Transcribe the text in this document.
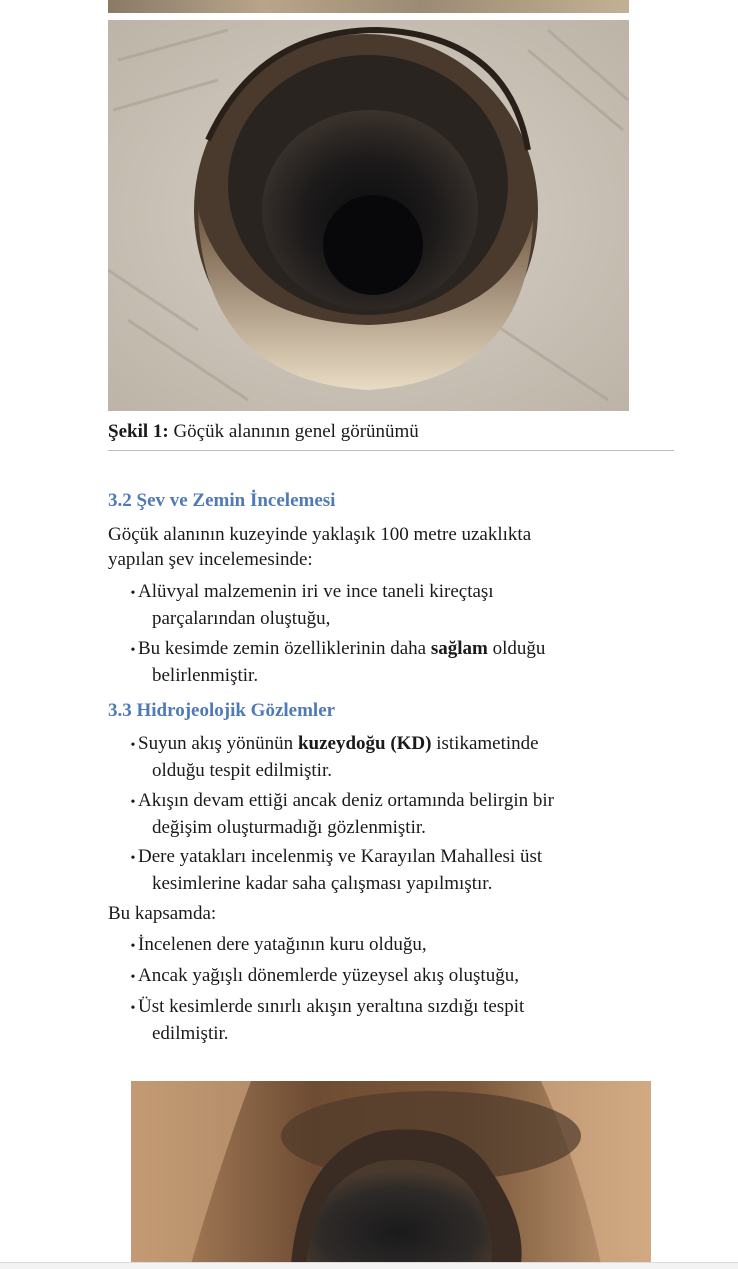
Şekil 1: Göçük alanının genel görünümü
3.2 Şev ve Zemin İncelemesi
Göçük alanının kuzeyinde yaklaşık 100 metre uzaklıkta
yapılan şev incelemesinde:
• Alüvyal malzemenin iri ve ince taneli kireçtaşı
parçalarından oluştuğu,
• Bu kesimde zemin özelliklerinin daha sağlam olduğu
belirlenmiştir.
3.3 Hidrojeolojik Gözlemler
• Suyun akış yönünün kuzeydoğu (KD) istikametinde
olduğu tespit edilmiştir.
• Akışın devam ettiği ancak deniz ortamında belirgin bir
değişim oluşturmadığı gözlenmiştir.
• Dere yatakları incelenmiş ve Karayılan Mahallesi üst
kesimlerine kadar saha çalışması yapılmıştır.
Bu kapsamda:
• İncelenen dere yatağının kuru olduğu,
• Ancak yağışlı dönemlerde yüzeysel akış oluştuğu,
• Üst kesimlerde sınırlı akışın yeraltına sızdığı tespit
edilmiştir.
